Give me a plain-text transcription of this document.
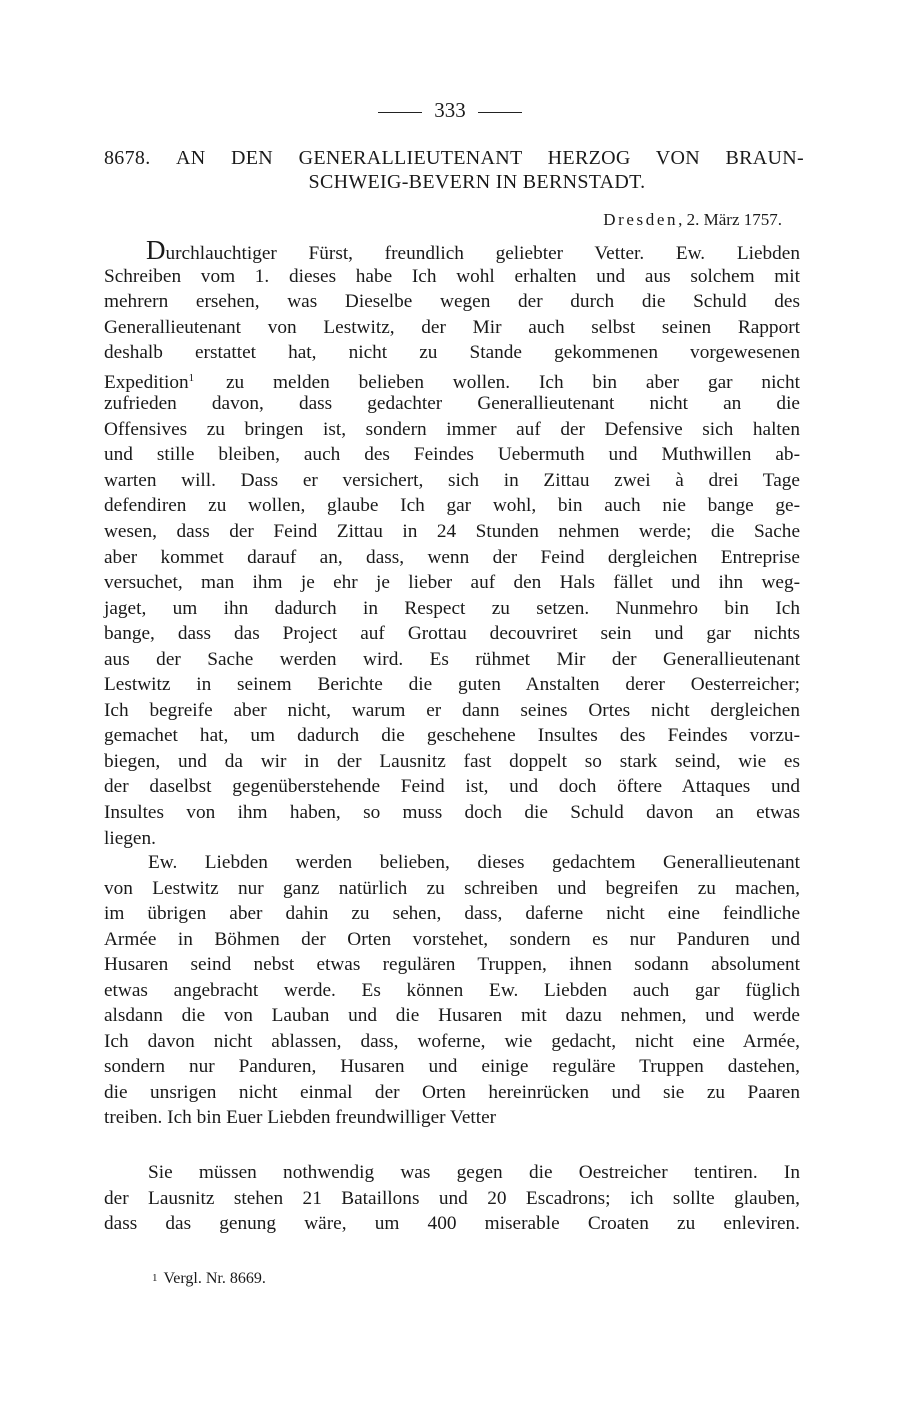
333
8678. AN DEN GENERALLIEUTENANT HERZOG VON BRAUN-
SCHWEIG-BEVERN IN BERNSTADT.
Dresden, 2. März 1757.
Durchlauchtiger Fürst, freundlich geliebter Vetter. Ew. Liebden
Schreiben vom 1. dieses habe Ich wohl erhalten und aus solchem mit
mehrern ersehen, was Dieselbe wegen der durch die Schuld des
Generallieutenant von Lestwitz, der Mir auch selbst seinen Rapport
deshalb erstattet hat, nicht zu Stande gekommenen vorgewesenen
Expedition$^1$ zu melden belieben wollen. Ich bin aber gar nicht
zufrieden davon, dass gedachter Generallieutenant nicht an die
Offensives zu bringen ist, sondern immer auf der Defensive sich halten
und stille bleiben, auch des Feindes Uebermuth und Muthwillen ab-
warten will. Dass er versichert, sich in Zittau zwei à drei Tage
defendiren zu wollen, glaube Ich gar wohl, bin auch nie bange ge-
wesen, dass der Feind Zittau in 24 Stunden nehmen werde; die Sache
aber kommet darauf an, dass, wenn der Feind dergleichen Entreprise
versuchet, man ihm je ehr je lieber auf den Hals fället und ihn weg-
jaget, um ihn dadurch in Respect zu setzen. Nunmehro bin Ich
bange, dass das Project auf Grottau decouvriret sein und gar nichts
aus der Sache werden wird. Es rühmet Mir der Generallieutenant
Lestwitz in seinem Berichte die guten Anstalten derer Oesterreicher;
Ich begreife aber nicht, warum er dann seines Ortes nicht dergleichen
gemachet hat, um dadurch die geschehene Insultes des Feindes vorzu-
biegen, und da wir in der Lausnitz fast doppelt so stark seind, wie es
der daselbst gegenüberstehende Feind ist, und doch öftere Attaques und
Insultes von ihm haben, so muss doch die Schuld davon an etwas
liegen.
Ew. Liebden werden belieben, dieses gedachtem Generallieutenant
von Lestwitz nur ganz natürlich zu schreiben und begreifen zu machen,
im übrigen aber dahin zu sehen, dass, daferne nicht eine feindliche
Armée in Böhmen der Orten vorstehet, sondern es nur Panduren und
Husaren seind nebst etwas regulären Truppen, ihnen sodann absolument
etwas angebracht werde. Es können Ew. Liebden auch gar füglich
alsdann die von Lauban und die Husaren mit dazu nehmen, und werde
Ich davon nicht ablassen, dass, woferne, wie gedacht, nicht eine Armée,
sondern nur Panduren, Husaren und einige reguläre Truppen dastehen,
die unsrigen nicht einmal der Orten hereinrücken und sie zu Paaren
treiben. Ich bin Euer Liebden freundwilliger Vetter
Sie müssen nothwendig was gegen die Oestreicher tentiren. In
der Lausnitz stehen 21 Bataillons und 20 Escadrons; ich sollte glauben,
dass das genung wäre, um 400 miserable Croaten zu enleviren.
1 Vergl. Nr. 8669.
